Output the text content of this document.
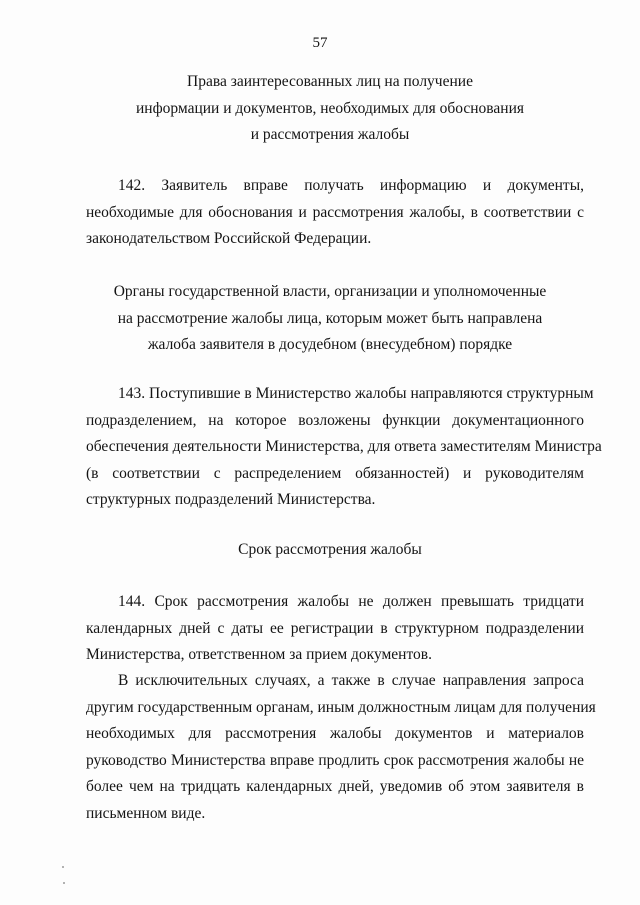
57
Права заинтересованных лиц на получение
информации и документов, необходимых для обоснования
и рассмотрения жалобы
142. Заявитель вправе получать информацию и документы,
необходимые для обоснования и рассмотрения жалобы, в соответствии с
законодательством Российской Федерации.
Органы государственной власти, организации и уполномоченные
на рассмотрение жалобы лица, которым может быть направлена
жалоба заявителя в досудебном (внесудебном) порядке
143. Поступившие в Министерство жалобы направляются структурным
подразделением, на которое возложены функции документационного
обеспечения деятельности Министерства, для ответа заместителям Министра
(в соответствии с распределением обязанностей) и руководителям
структурных подразделений Министерства.
Срок рассмотрения жалобы
144. Срок рассмотрения жалобы не должен превышать тридцати
календарных дней с даты ее регистрации в структурном подразделении
Министерства, ответственном за прием документов.
В исключительных случаях, а также в случае направления запроса
другим государственным органам, иным должностным лицам для получения
необходимых для рассмотрения жалобы документов и материалов
руководство Министерства вправе продлить срок рассмотрения жалобы не
более чем на тридцать календарных дней, уведомив об этом заявителя в
письменном виде.
